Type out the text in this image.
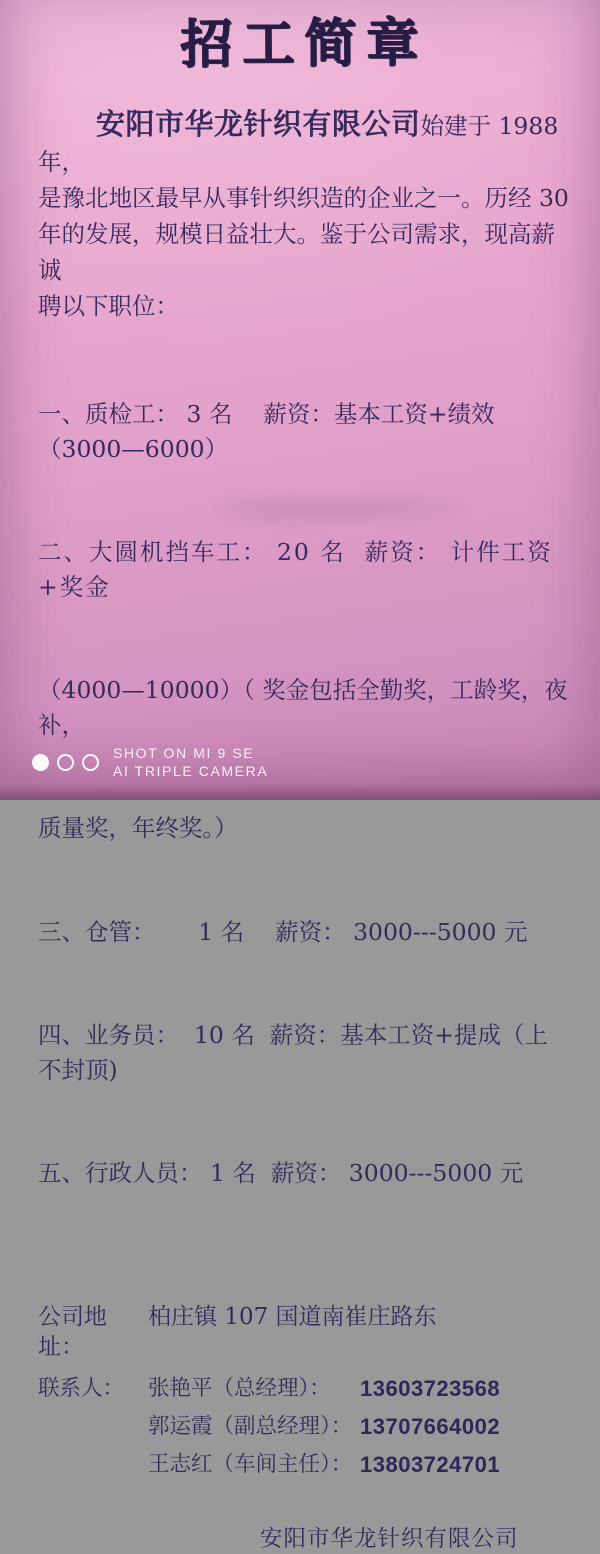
招工简章
安阳市华龙针织有限公司始建于 1988 年，
是豫北地区最早从事针织织造的企业之一。历经 30
年的发展，规模日益壮大。鉴于公司需求，现高薪诚
聘以下职位：

一、质检工： 3 名　 薪资：基本工资+绩效（3000—6000）

二、大圆机挡车工： 20 名  薪资： 计件工资+奖金

（4000—10000）（ 奖金包括全勤奖，工龄奖，夜补，

质量奖，年终奖。）

三、仓管：　　 1 名　 薪资： 3000---5000 元

四、业务员：  10 名  薪资：基本工资+提成（上不封顶)

五、行政人员： 1 名  薪资： 3000---5000 元

公司地址：
柏庄镇 107 国道南崔庄路东
联系人：	张艳平（总经理）：	13603723568
郭运霞（副总经理）： 13707664002
王志红（车间主任）： 13803724701
安阳市华龙针织有限公司
SHOT ON MI 9 SE
AI TRIPLE CAMERA
